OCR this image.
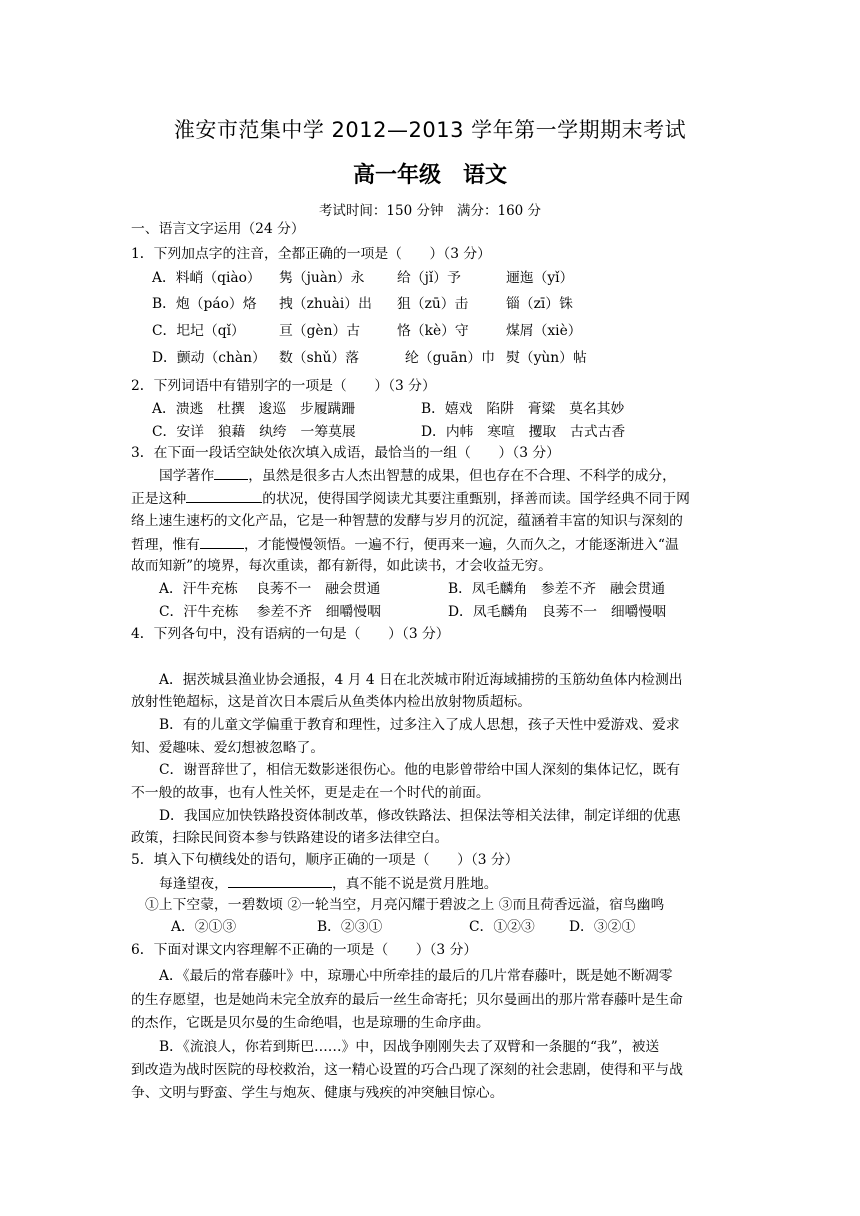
淮安市范集中学 2012—2013 学年第一学期期末考试
高一年级　语文
考试时间：150 分钟　满分：160 分
一、语言文字运用（24 分）
1．下列加点字的注音，全都正确的一项是（　　）（3 分）
A．料峭（qiào） 隽（juàn）永 给（jǐ）予	逦迤（yǐ）
B．炮（páo）烙 拽（zhuài）出 狙（zū）击	锱（zī）铢
C．圯圮（qǐ） 亘（gèn）古	恪（kè）守	煤屑（xiè）
D．颤动（chàn） 数（shǔ）落	纶（guān）巾 熨（yùn）帖
2．下列词语中有错别字的一项是（　　）（3 分）
A．溃逃　杜撰　逡巡　步履蹒跚	B．嬉戏　陷阱　膏粱　莫名其妙
C．安详　狼藉　纨绔　一筹莫展	D．内帏　寒喧　攫取　古式古香
3．在下面一段话空缺处依次填入成语，最恰当的一组（　　）（3 分）
国学著作 ，虽然是很多古人杰出智慧的成果，但也存在不合理、不科学的成分，
正是这种	的状况，使得国学阅读尤其要注重甄别，择善而读。国学经典不同于网
络上速生速朽的文化产品，它是一种智慧的发酵与岁月的沉淀，蕴涵着丰富的知识与深刻的
哲理，惟有	，才能慢慢领悟。一遍不行，便再来一遍，久而久之，才能逐渐进入“温
故而知新”的境界，每次重读，都有新得，如此读书，才会收益无穷。
A．汗牛充栋　 良莠不一　融会贯通	B．凤毛麟角　参差不齐　融会贯通
C．汗牛充栋　 参差不齐　细嚼慢咽	D．凤毛麟角　良莠不一　细嚼慢咽
4．下列各句中，没有语病的一句是（　　）（3 分）
A．据茨城县渔业协会通报，4 月 4 日在北茨城市附近海域捕捞的玉筋幼鱼体内检测出
放射性铯超标，这是首次日本震后从鱼类体内检出放射物质超标。
B．有的儿童文学偏重于教育和理性，过多注入了成人思想，孩子天性中爱游戏、爱求
知、爱趣味、爱幻想被忽略了。
C．谢晋辞世了，相信无数影迷很伤心。他的电影曾带给中国人深刻的集体记忆，既有
不一般的故事，也有人性关怀，更是走在一个时代的前面。
D．我国应加快铁路投资体制改革，修改铁路法、担保法等相关法律，制定详细的优惠
政策，扫除民间资本参与铁路建设的诸多法律空白。
5．填入下句横线处的语句，顺序正确的一项是（　　）（3 分）
每逢望夜，	，真不能不说是赏月胜地。
①上下空蒙，一碧数顷 ②一轮当空，月亮闪耀于碧波之上 ③而且荷香远溢，宿鸟幽鸣
A．②①③	B．②③①	C．①②③ D．③②①
6．下面对课文内容理解不正确的一项是（　　）（3 分）
A．《最后的常春藤叶》中，琼珊心中所牵挂的最后的几片常春藤叶，既是她不断凋零
的生存愿望，也是她尚未完全放弃的最后一丝生命寄托；贝尔曼画出的那片常春藤叶是生命
的杰作，它既是贝尔曼的生命绝唱，也是琼珊的生命序曲。
B．《流浪人，你若到斯巴……》中，因战争刚刚失去了双臂和一条腿的“我”，被送
到改造为战时医院的母校救治，这一精心设置的巧合凸现了深刻的社会悲剧，使得和平与战
争、文明与野蛮、学生与炮灰、健康与残疾的冲突触目惊心。
